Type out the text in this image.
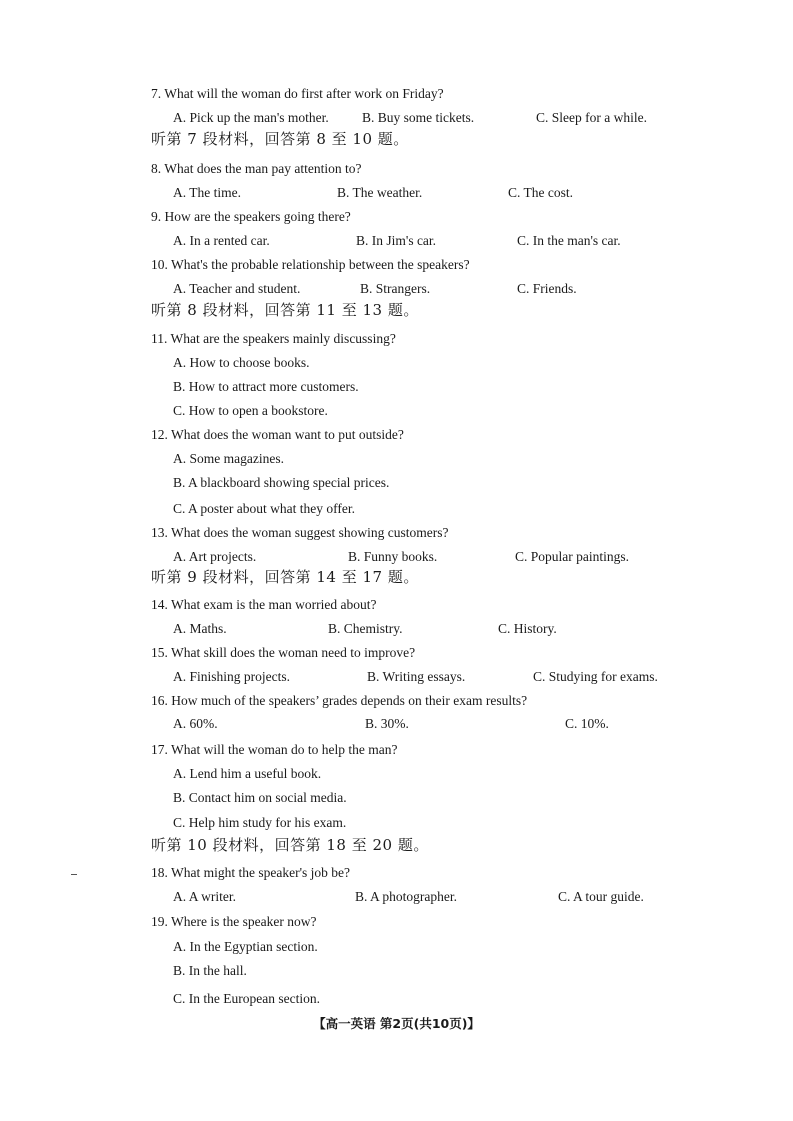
7. What will the woman do first after work on Friday?
A. Pick up the man's mother. B. Buy some tickets.	C. Sleep for a while.
听第 7 段材料，回答第 8 至 10 题。
8. What does the man pay attention to?
A. The time.	B. The weather.	C. The cost.
9. How are the speakers going there?
A. In a rented car.	B. In Jim's car.	C. In the man's car.
10. What's the probable relationship between the speakers?
A. Teacher and student.	B. Strangers.	C. Friends.
听第 8 段材料，回答第 11 至 13 题。
11. What are the speakers mainly discussing?
A. How to choose books.
B. How to attract more customers.
C. How to open a bookstore.
12. What does the woman want to put outside?
A. Some magazines.
B. A blackboard showing special prices.
C. A poster about what they offer.
13. What does the woman suggest showing customers?
A. Art projects.	B. Funny books.	C. Popular paintings.
听第 9 段材料，回答第 14 至 17 题。
14. What exam is the man worried about?
A. Maths.	B. Chemistry.	C. History.
15. What skill does the woman need to improve?
A. Finishing projects.	B. Writing essays.	C. Studying for exams.
16. How much of the speakers’ grades depends on their exam results?
A. 60%.	B. 30%.	C. 10%.
17. What will the woman do to help the man?
A. Lend him a useful book.
B. Contact him on social media.
C. Help him study for his exam.
听第 10 段材料，回答第 18 至 20 题。
18. What might the speaker's job be?
A. A writer.	B. A photographer.	C. A tour guide.
19. Where is the speaker now?
A. In the Egyptian section.
B. In the hall.
C. In the European section.
【高一英语 第2页(共10页)】
